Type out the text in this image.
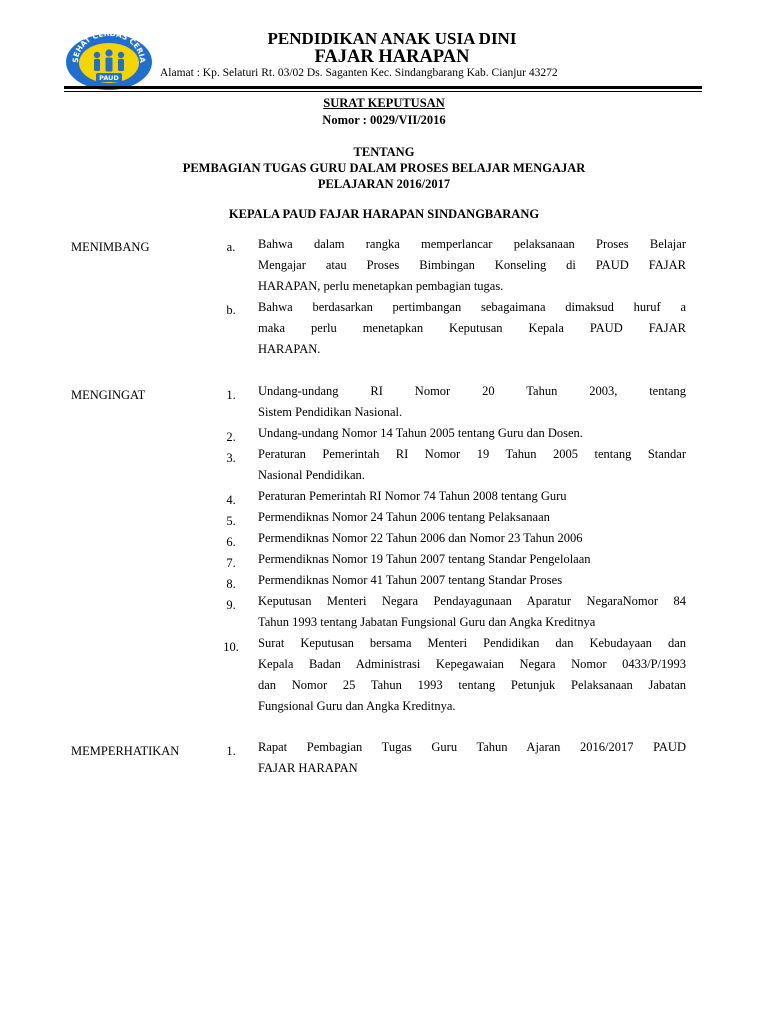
SEHAT CERDAS CERIA
PAUD
PENDIDIKAN ANAK USIA DINI
FAJAR HARAPAN
Alamat : Kp. Selaturi Rt. 03/02 Ds. Saganten Kec. Sindangbarang Kab. Cianjur 43272
SURAT KEPUTUSAN
Nomor : 0029/VII/2016
TENTANG
PEMBAGIAN TUGAS GURU DALAM PROSES BELAJAR MENGAJAR
PELAJARAN 2016/2017
KEPALA PAUD FAJAR HARAPAN SINDANGBARANG
MENIMBANG	a.	Bahwa dalam rangka memperlancar pelaksanaan Proses Belajar
Mengajar atau Proses Bimbingan Konseling di PAUD FAJAR
HARAPAN, perlu menetapkan pembagian tugas.
b.	Bahwa berdasarkan pertimbangan sebagaimana dimaksud huruf a
maka perlu menetapkan Keputusan Kepala PAUD FAJAR
HARAPAN.
MENGINGAT	1.	Undang-undang RI Nomor 20 Tahun 2003, tentang
Sistem Pendidikan Nasional.
2.	Undang-undang Nomor 14 Tahun 2005 tentang Guru dan Dosen.
3.	Peraturan Pemerintah RI Nomor 19 Tahun 2005 tentang Standar
Nasional Pendidikan.
4.	Peraturan Pemerintah RI Nomor 74 Tahun 2008 tentang Guru
5.	Permendiknas Nomor 24 Tahun 2006 tentang Pelaksanaan
6.	Permendiknas Nomor 22 Tahun 2006 dan Nomor 23 Tahun 2006
7.	Permendiknas Nomor 19 Tahun 2007 tentang Standar Pengelolaan
8.	Permendiknas Nomor 41 Tahun 2007 tentang Standar Proses
9.	Keputusan Menteri Negara Pendayagunaan Aparatur NegaraNomor 84
Tahun 1993 tentang Jabatan Fungsional Guru dan Angka Kreditnya
10.	Surat Keputusan bersama Menteri Pendidikan dan Kebudayaan dan
Kepala Badan Administrasi Kepegawaian Negara Nomor 0433/P/1993
dan Nomor 25 Tahun 1993 tentang Petunjuk Pelaksanaan Jabatan
Fungsional Guru dan Angka Kreditnya.
MEMPERHATIKAN	1.	Rapat Pembagian Tugas Guru Tahun Ajaran 2016/2017 PAUD
FAJAR HARAPAN
